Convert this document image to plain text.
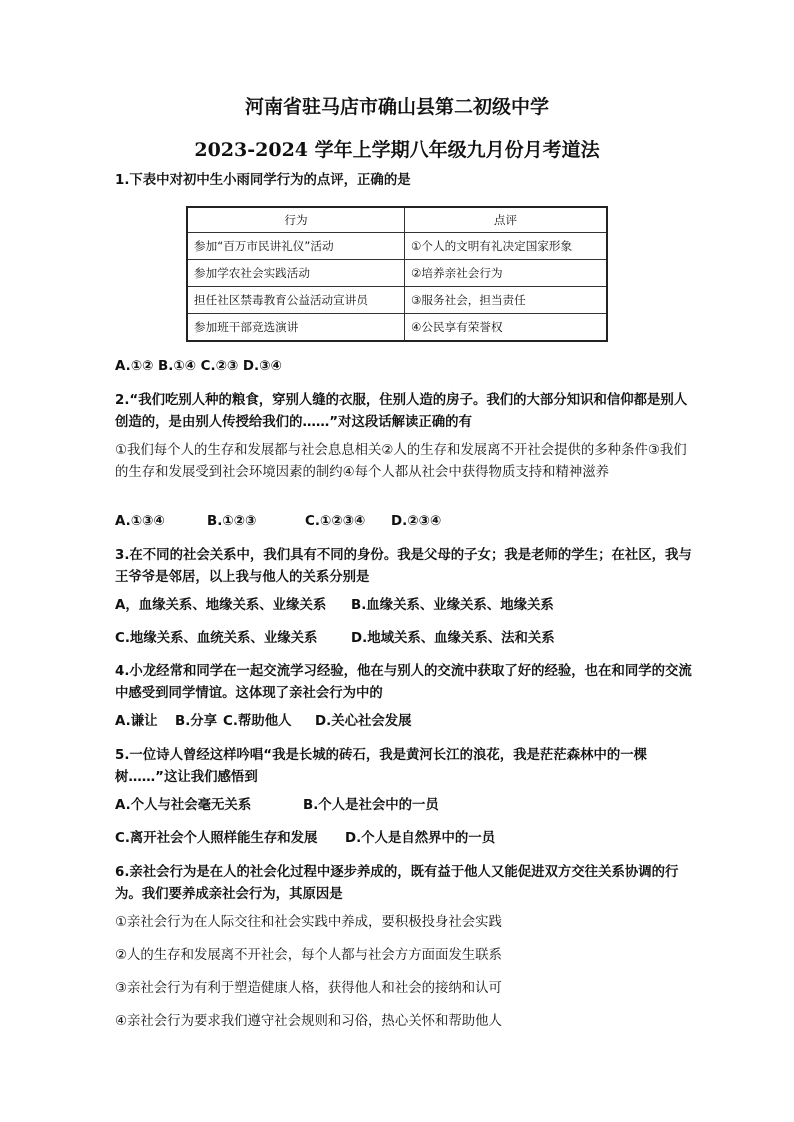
河南省驻马店市确山县第二初级中学
2023-2024 学年上学期八年级九月份月考道法
1.下表中对初中生小雨同学行为的点评，正确的是
行为	点评
参加“百万市民讲礼仪”活动	①个人的文明有礼决定国家形象
参加学农社会实践活动	②培养亲社会行为
担任社区禁毒教育公益活动宣讲员	③服务社会，担当责任
参加班干部竞选演讲	④公民享有荣誉权
A.①② B.①④ C.②③ D.③④
2.“我们吃别人种的粮食，穿别人缝的衣服，住别人造的房子。我们的大部分知识和信仰都是别人创造的，是由别人传授给我们的……”对这段话解读正确的有
①我们每个人的生存和发展都与社会息息相关②人的生存和发展离不开社会提供的多种条件③我们的生存和发展受到社会环境因素的制约④每个人都从社会中获得物质支持和精神滋养
A.①③④	B.①②③	C.①②③④ D.②③④
3.在不同的社会关系中，我们具有不同的身份。我是父母的子女；我是老师的学生；在社区，我与王爷爷是邻居，以上我与他人的关系分别是
A，血缘关系、地缘关系、业缘关系 B.血缘关系、业缘关系、地缘关系
C.地缘关系、血统关系、业缘关系	D.地域关系、血缘关系、法和关系
4.小龙经常和同学在一起交流学习经验，他在与别人的交流中获取了好的经验，也在和同学的交流中感受到同学情谊。这体现了亲社会行为中的
A.谦让 B.分享 C.帮助他人 D.关心社会发展
5.一位诗人曾经这样吟唱“我是长城的砖石，我是黄河长江的浪花，我是茫茫森林中的一棵树……”这让我们感悟到
A.个人与社会毫无关系	B.个人是社会中的一员
C.离开社会个人照样能生存和发展 D.个人是自然界中的一员
6.亲社会行为是在人的社会化过程中逐步养成的，既有益于他人又能促进双方交往关系协调的行为。我们要养成亲社会行为，其原因是
①亲社会行为在人际交往和社会实践中养成，要积极投身社会实践
②人的生存和发展离不开社会，每个人都与社会方方面面发生联系
③亲社会行为有利于塑造健康人格，获得他人和社会的接纳和认可
④亲社会行为要求我们遵守社会规则和习俗，热心关怀和帮助他人
